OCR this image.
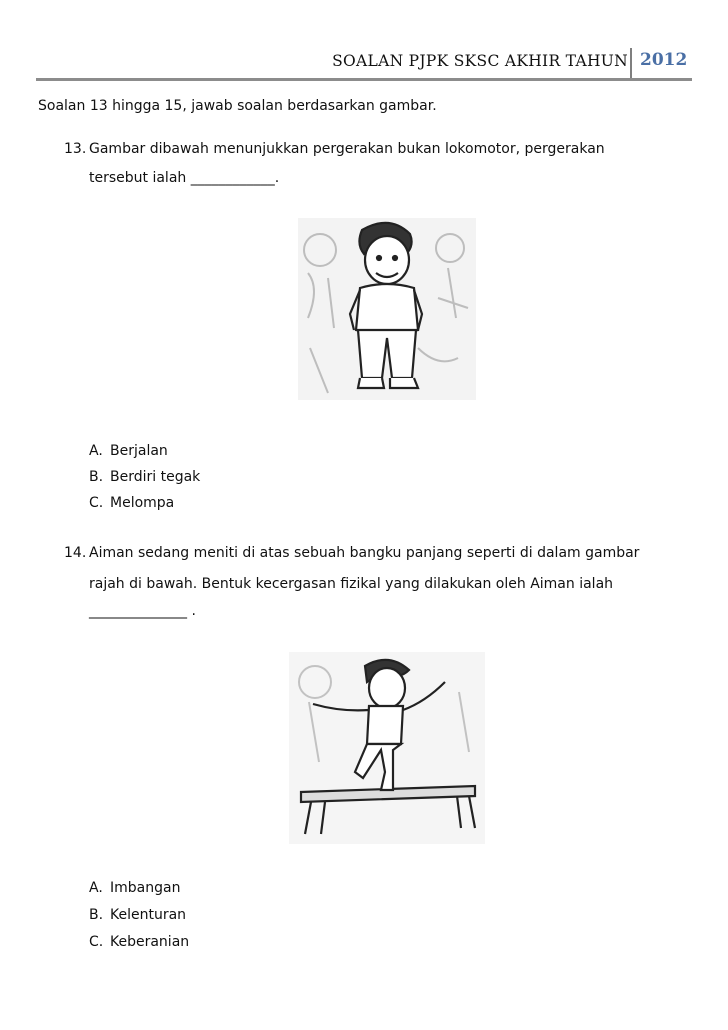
SOALAN PJPK SKSC AKHIR TAHUN 2012
Soalan 13 hingga 15, jawab soalan berdasarkan gambar.
13. Gambar dibawah menunjukkan pergerakan bukan lokomotor, pergerakan
tersebut ialah ____________.
A. Berjalan
B. Berdiri tegak
C. Melompa
14. Aiman sedang meniti di atas sebuah bangku panjang seperti di dalam gambar
rajah di bawah. Bentuk kecergasan fizikal yang dilakukan oleh Aiman ialah
______________ .
A. Imbangan
B. Kelenturan
C. Keberanian
